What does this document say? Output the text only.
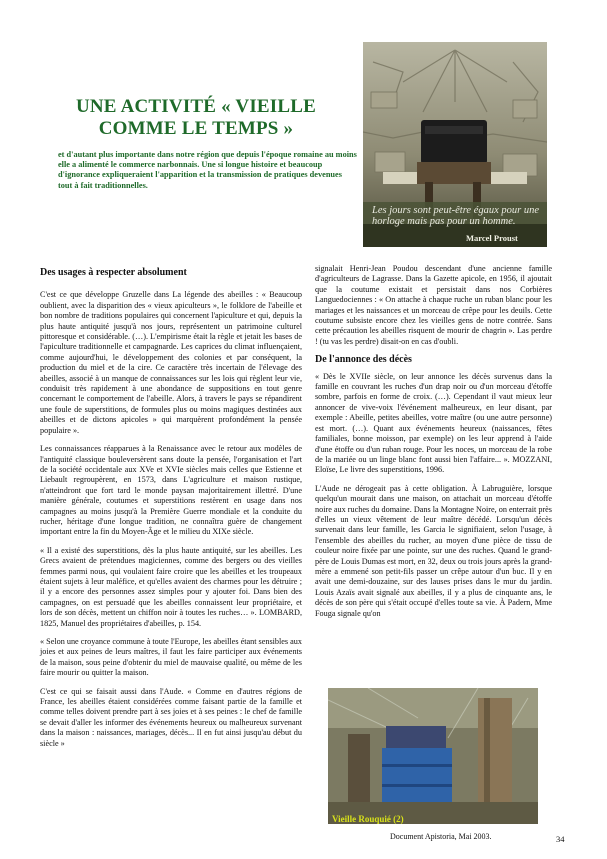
UNE ACTIVITÉ « VIEILLE
COMME LE TEMPS »
et d'autant plus importante dans notre région que depuis l'époque romaine au moins elle a alimenté le commerce narbonnais. Une si longue histoire et beaucoup d'ignorance expliqueraient l'apparition et la transmission de pratiques devenues tout à fait traditionnelles.
Les jours sont peut-être égaux pour une horloge mais pas pour un homme.
Marcel Proust
Des usages à respecter absolument

C'est ce que développe Gruzelle dans La légende des abeilles : « Beaucoup oublient, avec la disparition des « vieux apiculteurs », le folklore de l'abeille et bon nombre de traditions populaires qui concernent l'apiculture et qui, depuis la plus haute antiquité jusqu'à nos jours, représentent un patrimoine culturel pittoresque et considérable. (…). L'empirisme était la règle et jetait les bases de l'apiculture traditionnelle et campagnarde. Les caprices du climat influençaient, comme aujourd'hui, le développement des colonies et par conséquent, la production du miel et de la cire. Ce caractère très incertain de l'élevage des abeilles, associé à un manque de connaissances sur les lois qui règlent leur vie, conduisit très rapidement à une abondance de suppositions en tout genre concernant le comportement de l'abeille. Alors, à travers le pays se répandirent une foule de superstitions, de formules plus ou moins magiques destinées aux abeilles et de dictons apicoles » qui marquèrent profondément la pensée populaire ».

Les connaissances réapparues à la Renaissance avec le retour aux modèles de l'antiquité classique bouleversèrent sans doute la pensée, l'organisation et l'art de la société occidentale aux XVe et XVIe siècles mais celles que Estienne et Liebault regroupèrent, en 1573, dans L'agriculture et maison rustique, n'atteindront que fort tard le monde paysan majoritairement illettré. D'une manière générale, coutumes et superstitions restèrent en usage dans nos campagnes au moins jusqu'à la Première Guerre mondiale et la conduite du rucher, héritage d'une longue tradition, ne connaîtra guère de changement important entre la fin du Moyen-Âge et le milieu du XIXe siècle.

« Il a existé des superstitions, dès la plus haute antiquité, sur les abeilles. Les Grecs avaient de prétendues magiciennes, comme des bergers ou des vieilles femmes parmi nous, qui voulaient faire croire que les abeilles et les troupeaux étaient sujets à leur maléfice, et qu'elles avaient des charmes pour les détruire ; il y a encore des personnes assez simples pour y ajouter foi. Dans bien des campagnes, on est persuadé que les abeilles connaissent leur propriétaire, et lors de son décès, mettent un chiffon noir à toutes les ruches… ». LOMBARD, 1825, Manuel des propriétaires d'abeilles, p. 154.

« Selon une croyance commune à toute l'Europe, les abeilles étant sensibles aux joies et aux peines de leurs maîtres, il faut les faire participer aux événements de la maison, sous peine d'obtenir du miel de mauvaise qualité, ou même de les faire mourir ou quitter la maison.

C'est ce qui se faisait aussi dans l'Aude. « Comme en d'autres régions de France, les abeilles étaient considérées comme faisant partie de la famille et comme telles doivent prendre part à ses joies et à ses peines : le chef de famille se devait d'aller les informer des événements heureux ou malheureux survenant dans la maison : naissances, mariages, décès... Il en fut ainsi jusqu'au début du siècle »

signalait Henri-Jean Poudou descendant d'une ancienne famille d'agriculteurs de Lagrasse. Dans la Gazette apicole, en 1956, il ajoutait que la coutume existait et persistait dans nos Corbières Languedociennes : « On attache à chaque ruche un ruban blanc pour les mariages et les naissances et un morceau de crêpe pour les deuils. Cette coutume subsiste encore chez les vieilles gens de notre contrée. Sans cette précaution les abeilles risquent de mourir de chagrin ». Las perdre ! (tu vas les perdre) disait-on en cas d'oubli.

De l'annonce des décès

« Dès le XVIIe siècle, on leur annonce les décès survenus dans la famille en couvrant les ruches d'un drap noir ou d'un morceau d'étoffe sombre, parfois en forme de croix. (…). Cependant il vaut mieux leur annoncer de vive-voix l'événement malheureux, en leur disant, par exemple : Abeille, petites abeilles, votre maître (ou une autre personne) est mort. (…). Quant aux événements heureux (naissances, fêtes familiales, bonne moisson, par exemple) on les leur apprend à l'aide d'une étoffe ou d'un ruban rouge. Pour les noces, un morceau de la robe de la mariée ou un linge blanc font aussi bien l'affaire... ». MOZZANI, Eloïse, Le livre des superstitions, 1996.

L'Aude ne dérogeait pas à cette obligation. À Labruguière, lorsque quelqu'un mourait dans une maison, on attachait un morceau d'étoffe noire aux ruches du domaine. Dans la Montagne Noire, on enterrait près d'elles un vieux vêtement de leur maître décédé. Lorsqu'un décès survenait dans leur famille, les Garcia le signifiaient, selon l'usage, à l'ensemble des abeilles du rucher, au moyen d'une pièce de tissu de couleur noire fixée par une pointe, sur une des ruches. Quand le grand-père de Louis Dumas est mort, en 32, deux ou trois jours après la grand-mère a emmené son petit-fils passer un crêpe autour d'un buc. Il y en avait une demi-douzaine, sur des lauses prises dans le mur du jardin. Louis Azaïs avait signalé aux abeilles, il y a plus de cinquante ans, le décès de son père qui s'était occupé d'elles toute sa vie. À Padern, Mme Fouga signale qu'on

Vieille Rouquié (2)
Document Apistoria, Mai 2003.	34
